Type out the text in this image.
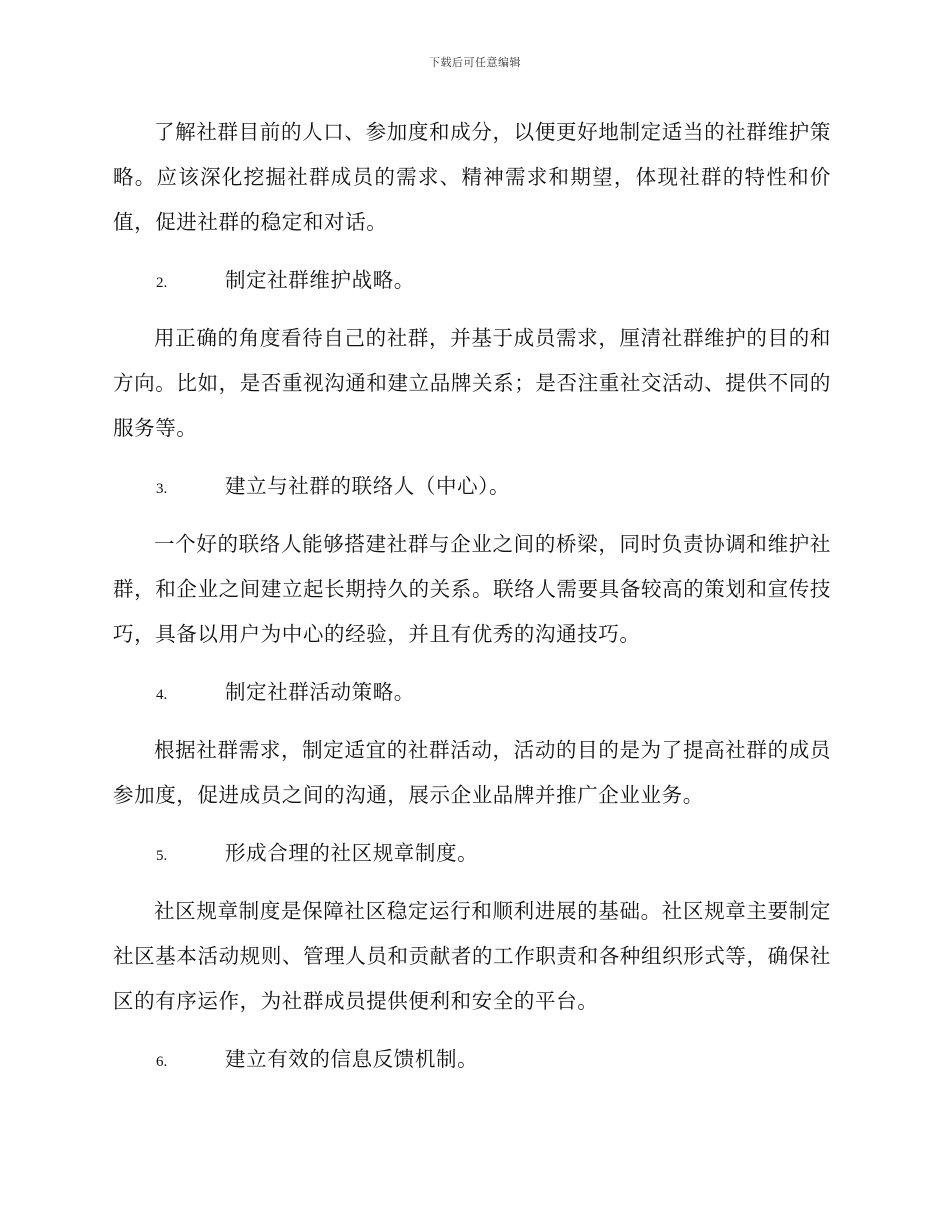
下载后可任意编辑

了解社群目前的人口、参加度和成分，以便更好地制定适当的社群维护策略。应该深化挖掘社群成员的需求、精神需求和期望，体现社群的特性和价值，促进社群的稳定和对话。

2.	制定社群维护战略。

用正确的角度看待自己的社群，并基于成员需求，厘清社群维护的目的和方向。比如，是否重视沟通和建立品牌关系；是否注重社交活动、提供不同的服务等。

3.	建立与社群的联络人（中心）。

一个好的联络人能够搭建社群与企业之间的桥梁，同时负责协调和维护社群，和企业之间建立起长期持久的关系。联络人需要具备较高的策划和宣传技巧，具备以用户为中心的经验，并且有优秀的沟通技巧。

4.	制定社群活动策略。

根据社群需求，制定适宜的社群活动，活动的目的是为了提高社群的成员参加度，促进成员之间的沟通，展示企业品牌并推广企业业务。

5.	形成合理的社区规章制度。

社区规章制度是保障社区稳定运行和顺利进展的基础。社区规章主要制定社区基本活动规则、管理人员和贡献者的工作职责和各种组织形式等，确保社区的有序运作，为社群成员提供便利和安全的平台。

6.	建立有效的信息反馈机制。
